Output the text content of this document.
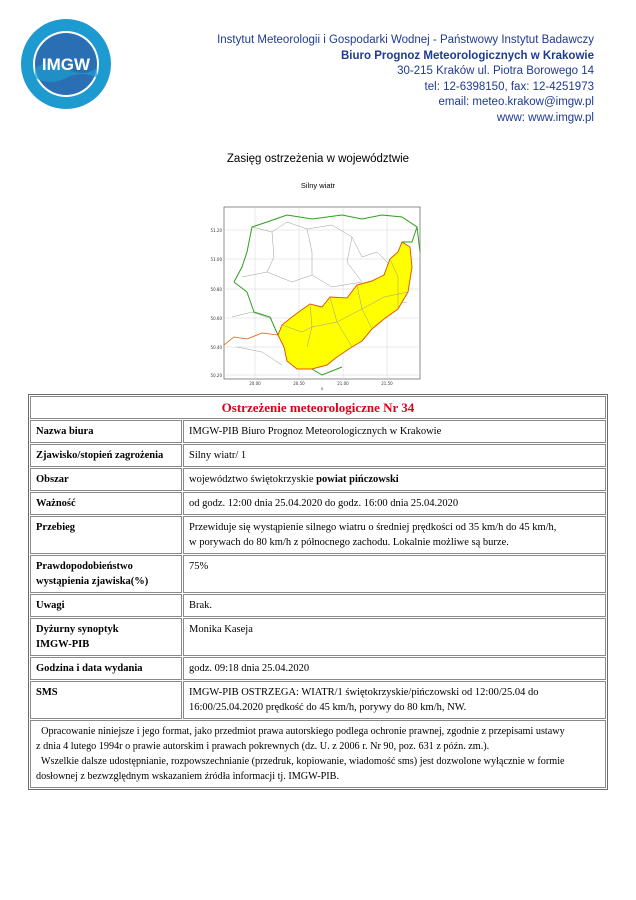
IMGW
Instytut Meteorologii i Gospodarki Wodnej - Państwowy Instytut Badawczy
Biuro Prognoz Meteorologicznych w Krakowie
30-215 Kraków ul. Piotra Borowego 14
tel: 12-6398150, fax: 12-4251973
email: meteo.krakow@imgw.pl
www: www.imgw.pl
Zasięg ostrzeżenia w województwie
Silny wiatr
51.20
51.00
50.80
50.60
50.40
50.20
20.00	20.50	21.00	21.50
x
Ostrzeżenie meteorologiczne Nr 34	
Nazwa biura	IMGW-PIB Biuro Prognoz Meteorologicznych w Krakowie
Zjawisko/stopień zagrożenia	Silny wiatr/ 1
Obszar	województwo świętokrzyskie powiat pińczowski
Ważność	od godz. 12:00 dnia 25.04.2020 do godz. 16:00 dnia 25.04.2020
Przebieg	Przewiduje się wystąpienie silnego wiatru o średniej prędkości od 35 km/h do 45 km/h,
w porywach do 80 km/h z północnego zachodu. Lokalnie możliwe są burze.

Prawdopodobieństwo
wystąpienia zjawiska(%)	75%
Uwagi	Brak.

Dyżurny synoptyk
IMGW-PIB	Monika Kaseja
Godzina i data wydania	godz. 09:18 dnia 25.04.2020
SMS	IMGW-PIB OSTRZEGA: WIATR/1 świętokrzyskie/pińczowski od 12:00/25.04 do
16:00/25.04.2020 prędkość do 45 km/h, porywy do 80 km/h, NW.

Opracowanie niniejsze i jego format, jako przedmiot prawa autorskiego podlega ochronie prawnej, zgodnie z przepisami ustawy
z dnia 4 lutego 1994r o prawie autorskim i prawach pokrewnych (dz. U. z 2006 r. Nr 90, poz. 631 z późn. zm.).
Wszelkie dalsze udostępnianie, rozpowszechnianie (przedruk, kopiowanie, wiadomość sms) jest dozwolone wyłącznie w formie
dosłownej z bezwzględnym wskazaniem źródła informacji tj. IMGW-PIB.	
